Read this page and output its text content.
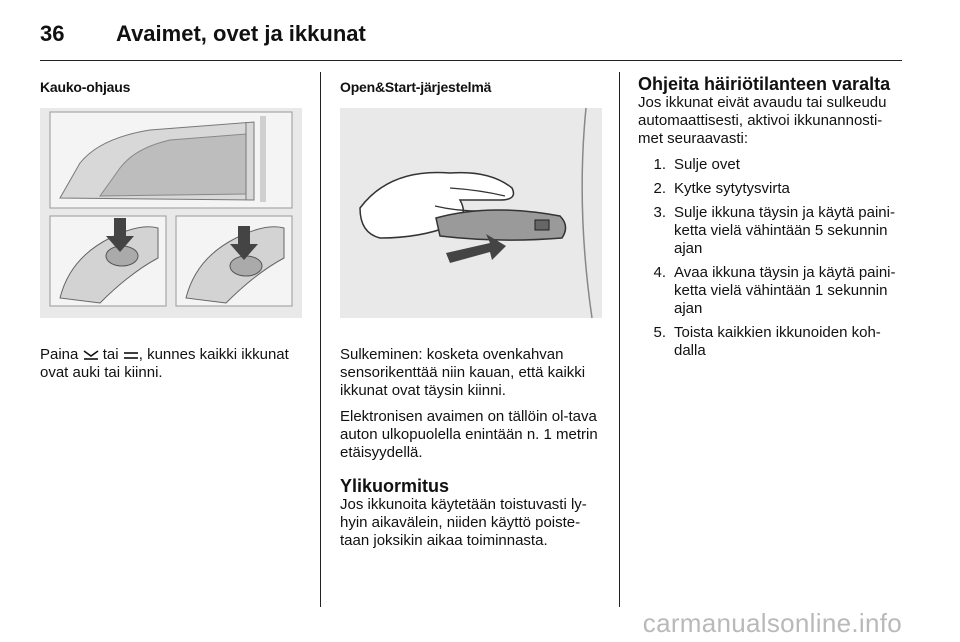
36	Avaimet, ovet ja ikkunat
Kauko-ohjaus

Paina  tai , kunnes kaikki ikkunat ovat auki tai kiinni.

Open&Start-järjestelmä

Sulkeminen: kosketa ovenkahvan sensorikenttää niin kauan, että kaikki ikkunat ovat täysin kiinni.

Elektronisen avaimen on tällöin ol-tava auton ulkopuolella enintään n. 1 metrin etäisyydellä.

Ylikuormitus

Jos ikkunoita käytetään toistuvasti ly-hyin aikavälein, niiden käyttö poiste-taan joksikin aikaa toiminnasta.

Ohjeita häiriötilanteen varalta

Jos ikkunat eivät avaudu tai sulkeudu automaattisesti, aktivoi ikkunannosti-met seuraavasti:

1. Sulje ovet
2. Kytke sytytysvirta
3. Sulje ikkuna täysin ja käytä paini-ketta vielä vähintään 5 sekunnin ajan
4. Avaa ikkuna täysin ja käytä paini-ketta vielä vähintään 1 sekunnin ajan
5. Toista kaikkien ikkunoiden koh-dalla
carmanualsonline.info
